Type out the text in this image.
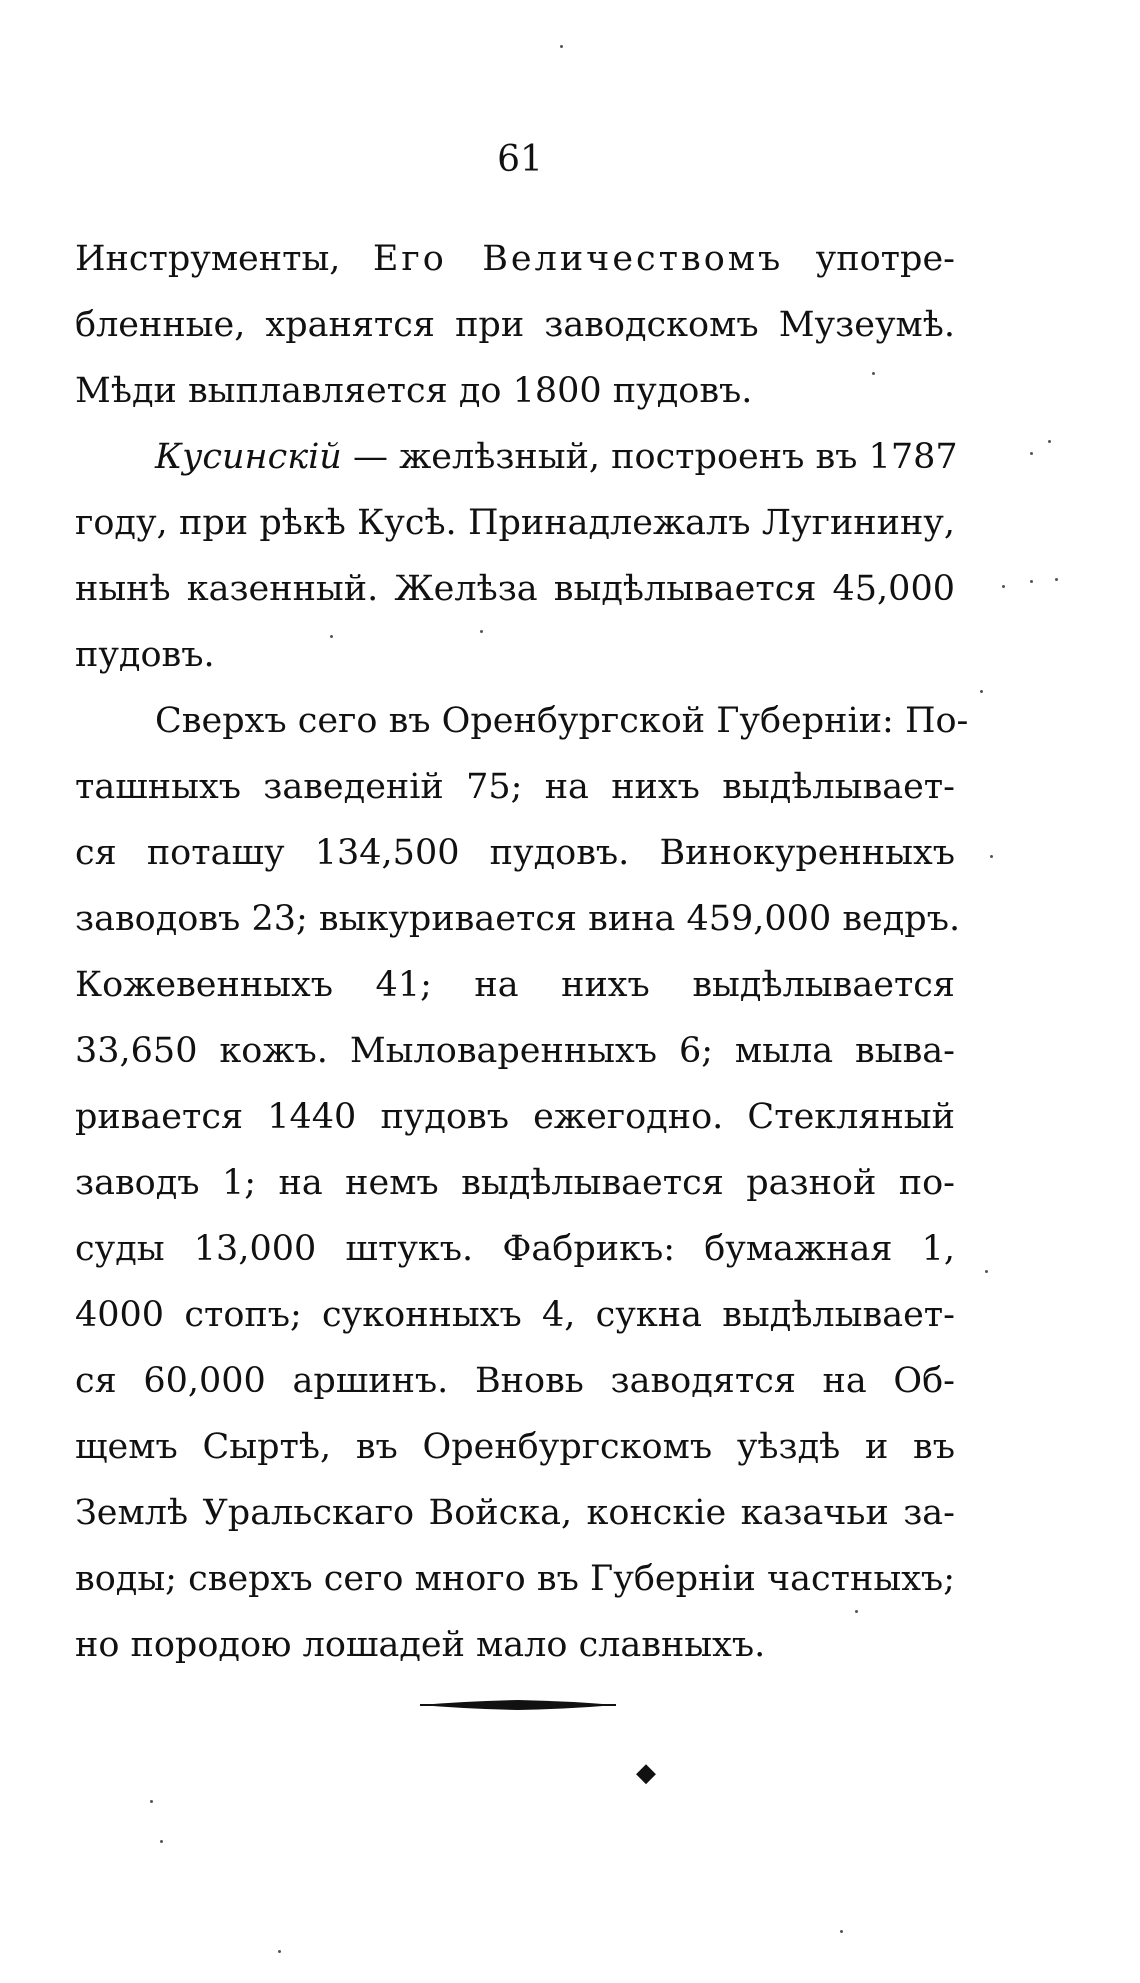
61
Инструменты, Его Величествомъ употре-
бленные, хранятся при заводскомъ Музеумѣ.
Мѣди выплавляется до 1800 пудовъ.
Кусинскій — желѣзный, построенъ въ 1787
году, при рѣкѣ Кусѣ. Принадлежалъ Лугинину,
нынѣ казенный. Желѣза выдѣлывается 45,000
пудовъ.
Сверхъ сего въ Оренбургской Губерніи: По-
ташныхъ заведеній 75; на нихъ выдѣлывает-
ся поташу 134,500 пудовъ. Винокуренныхъ
заводовъ 23; выкуривается вина 459,000 ведръ.
Кожевенныхъ 41; на нихъ выдѣлывается
33,650 кожъ. Мыловаренныхъ 6; мыла выва-
ривается 1440 пудовъ ежегодно. Стекляный
заводъ 1; на немъ выдѣлывается разной по-
суды 13,000 штукъ. Фабрикъ: бумажная 1,
4000 стопъ; суконныхъ 4, сукна выдѣлывает-
ся 60,000 аршинъ. Вновь заводятся на Об-
щемъ Сыртѣ, въ Оренбургскомъ уѣздѣ и въ
Землѣ Уральскаго Войска, конскіе казачьи за-
воды; сверхъ сего много въ Губерніи частныхъ;
но породою лошадей мало славныхъ.
◆
